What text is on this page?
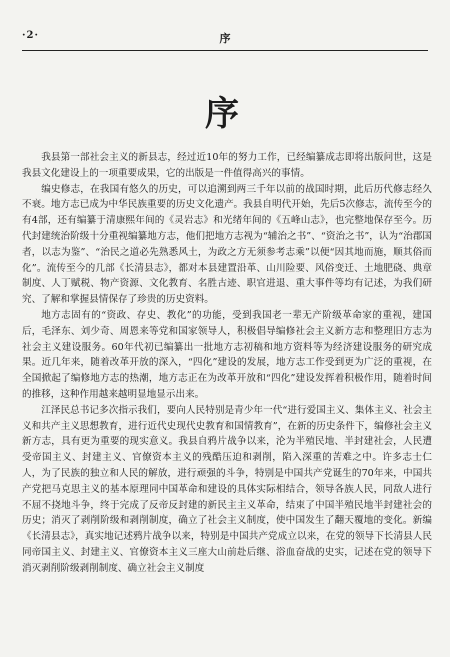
·2·	序
序

我县第一部社会主义的新县志，经过近10年的努力工作，已经编纂成志即将出版问世，这是我县文化建设上的一项重要成果，它的出版是一件值得高兴的事情。

编史修志，在我国有悠久的历史，可以追溯到两三千年以前的战国时期，此后历代修志经久不衰。地方志已成为中华民族重要的历史文化遗产。我县自明代开始，先后5次修志，流传至今的有4部，还有编纂于清康熙年间的《灵岩志》和光绪年间的《五峰山志》，也完整地保存至今。历代封建统治阶级十分重视编纂地方志，他们把地方志视为“辅治之书”、“资治之书”，认为“治郡国者，以志为鉴”、“治民之道必先熟悉风土，为政之方无须参考志乘”以便“因其地而施，顺其俗而化”。流传至今的几部《长清县志》，都对本县建置沿革、山川险要、风俗变迁、土地肥硗、典章制度、人丁赋税、物产资源、文化教育、名胜古迹、职官进退、重大事件等均有记述，为我们研究、了解和掌握县情保存了珍贵的历史资料。

地方志固有的“资政、存史、教化”的功能，受到我国老一辈无产阶级革命家的重视，建国后，毛泽东、刘少奇、周恩来等党和国家领导人，积极倡导编修社会主义新方志和整理旧方志为社会主义建设服务。60年代初已编纂出一批地方志初稿和地方资料等为经济建设服务的研究成果。近几年来，随着改革开放的深入，“四化”建设的发展，地方志工作受到更为广泛的重视，在全国掀起了编修地方志的热潮，地方志正在为改革开放和“四化”建设发挥着积极作用，随着时间的推移，这种作用越来越明显地显示出来。

江泽民总书记多次指示我们，要向人民特别是青少年一代“进行爱国主义、集体主义、社会主义和共产主义思想教育，进行近代史现代史教育和国情教育”，在新的历史条件下，编修社会主义新方志，具有更为重要的现实意义。我县自鸦片战争以来，沦为半殖民地、半封建社会，人民遭受帝国主义、封建主义、官僚资本主义的残酷压迫和剥削，陷入深重的苦难之中。许多志士仁人，为了民族的独立和人民的解放，进行顽强的斗争，特别是中国共产党诞生的70年来，中国共产党把马克思主义的基本原理同中国革命和建设的具体实际相结合，领导各族人民，同敌人进行不屈不挠地斗争，终于完成了反帝反封建的新民主主义革命，结束了中国半殖民地半封建社会的历史；消灭了剥削阶级和剥削制度，确立了社会主义制度，使中国发生了翻天覆地的变化。新编《长清县志》，真实地记述鸦片战争以来，特别是中国共产党成立以来，在党的领导下长清县人民同帝国主义、封建主义、官僚资本主义三座大山前赴后继、浴血奋战的史实，记述在党的领导下消灭剥削阶级剥削制度、确立社会主义制度
